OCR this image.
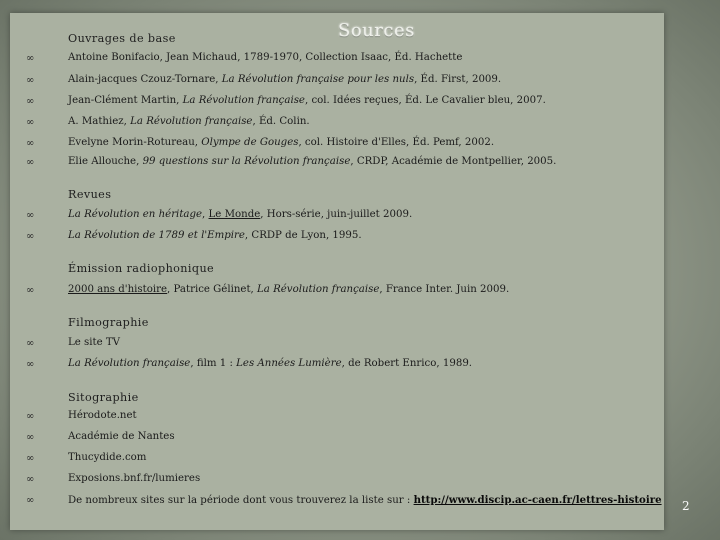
Sources
Ouvrages de base
∞	Antoine Bonifacio, Jean Michaud, 1789-1970, Collection Isaac, Éd. Hachette
∞	Alain-jacques Czouz-Tornare, La Révolution française pour les nuls, Éd. First, 2009.
∞	Jean-Clément Martin, La Révolution française, col. Idées reçues, Éd. Le Cavalier bleu, 2007.
∞	A. Mathiez, La Révolution française, Éd. Colin.
∞	Evelyne Morin-Rotureau, Olympe de Gouges, col. Histoire d'Elles, Éd. Pemf, 2002.
∞	Elie Allouche, 99 questions sur la Révolution française, CRDP, Académie de Montpellier, 2005.
Revues
∞	La Révolution en héritage, Le Monde, Hors-série, juin-juillet 2009.
∞	La Révolution de 1789 et l'Empire, CRDP de Lyon, 1995.
Émission radiophonique
∞	2000 ans d'histoire, Patrice Gélinet, La Révolution française, France Inter. Juin 2009.
Filmographie
∞	Le site TV
∞	La Révolution française, film 1 : Les Années Lumière, de Robert Enrico, 1989.
Sitographie
∞	Hérodote.net
∞	Académie de Nantes
∞	Thucydide.com
∞	Exposions.bnf.fr/lumieres
∞	De nombreux sites sur la période dont vous trouverez la liste sur : http://www.discip.ac-caen.fr/lettres-histoire 2
